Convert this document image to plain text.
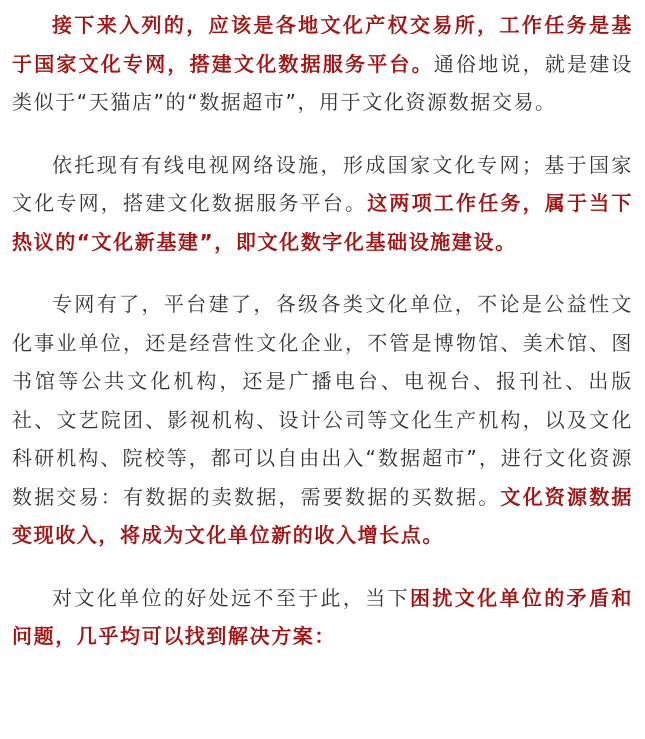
接下来入列的，应该是各地文化产权交易所，工作任务是基于国家文化专网，搭建文化数据服务平台。通俗地说，就是建设类似于“天猫店”的“数据超市”，用于文化资源数据交易。

依托现有有线电视网络设施，形成国家文化专网；基于国家文化专网，搭建文化数据服务平台。这两项工作任务，属于当下热议的“文化新基建”，即文化数字化基础设施建设。

专网有了，平台建了，各级各类文化单位，不论是公益性文化事业单位，还是经营性文化企业，不管是博物馆、美术馆、图书馆等公共文化机构，还是广播电台、电视台、报刊社、出版社、文艺院团、影视机构、设计公司等文化生产机构，以及文化科研机构、院校等，都可以自由出入“数据超市”，进行文化资源数据交易：有数据的卖数据，需要数据的买数据。文化资源数据变现收入，将成为文化单位新的收入增长点。

对文化单位的好处远不至于此，当下困扰文化单位的矛盾和问题，几乎均可以找到解决方案：
